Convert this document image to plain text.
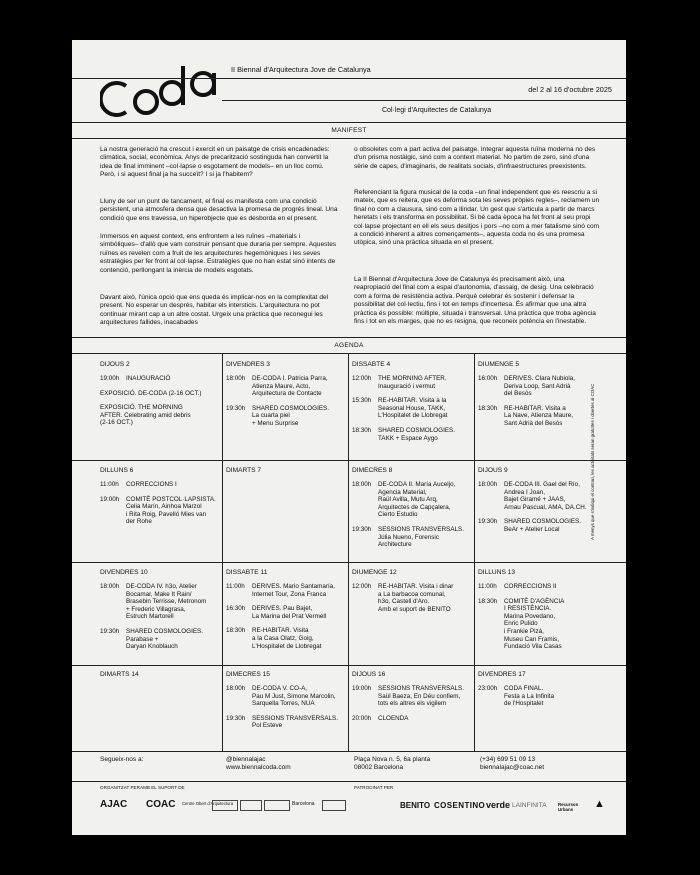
II Biennal d'Arquitectura Jove de Catalunya
del 2 al 16 d'octubre 2025
Col·legi d'Arquitectes de Catalunya
MANIFEST

La nostra generació ha crescut i exercit en un paisatge de crisis encadenades: climàtica, social, econòmica. Anys de precarització sostinguda han convertit la idea de final imminent –col·lapse o esgotament de models– en un lloc comú. Però, i si aquest final ja ha succeït? I si ja l'habitem?

Lluny de ser un punt de tancament, el final es manifesta com una condició persistent, una atmosfera densa que desactiva la promesa de progrés lineal. Una condició que ens travessa, un hiperobjecte que es desborda en el present.

Immersos en aquest context, ens enfrontem a les ruïnes –materials i simbòliques– d'allò que vam construir pensant que duraria per sempre. Aquestes ruïnes es revelen com a fruit de les arquitectures hegemòniques i les seves estratègies per fer front al col·lapse. Estratègies que no han estat sinó intents de contenció, perllongant la inèrcia de models esgotats.

Davant això, l'única opció que ens queda és implicar-nos en la complexitat del present. No esperar un després, habitar els intersticis. L'arquitectura no pot continuar mirant cap a un altre costat. Urgeix una pràctica que reconegui les arquitectures fallides, inacabades

o obsoletes com a part activa del paisatge. Integrar aquesta ruïna moderna no des d'un prisma nostàlgic, sinó com a context material. No partim de zero, sinó d'una sèrie de capes, d'imaginaris, de realitats socials, d'infraestructures preexistents.

Referenciant la figura musical de la coda –un final independent que es reescriu a si mateix, que es reitera, que es deforma sota les seves pròpies regles–, reclamem un final no com a clausura, sinó com a llindar. Un gest que s'articula a partir de marcs heretats i els transforma en possibilitat. Si bé cada època ha fet front al seu propi col·lapse projectant en ell els seus desitjos i pors –no com a mer fatalisme sinó com a condició inherent a altres començaments–, aquesta coda no és una promesa utòpica, sinó una pràctica situada en el present.

La II Biennal d'Arquitectura Jove de Catalunya és precisament això, una reapropiació del final com a espai d'autonomia, d'assaig, de desig. Una celebració com a forma de resistència activa. Perquè celebrar és sostenir i defensar la possibilitat del col·lectiu, fins i tot en temps d'incertesa. És afirmar que una altra pràctica és possible: múltiple, situada i transversal. Una pràctica que troba agència fins i tot en els marges, que no es resigna, que reconeix potència en l'inestable.

AGENDA
DIJOUS 2
19:00h INAUGURACIÓ
EXPOSICIÓ. DE-CODA (2-16 OCT.)
EXPOSICIÓ. THE MORNING
AFTER. Celebrating amid debris
(2-16 OCT.)
DIVENDRES 3
18:00h DE-CODA I. Patricia Parra,
Atienza Maure, Acto,
Arquitectura de Contacte
19:30h SHARED COSMOLOGIES.
La cuarta piel
+ Menu Surprise
DISSABTE 4
12:00h THE MORNING AFTER.
Inauguració i vermut
15:30h RE-HABITAR. Visita a la
Seasonal House, TAKK,
L'Hospitalet de Llobregat
18:30h SHARED COSMOLOGIES.
TAKK + Espace Aygo
DIUMENGE 5
16:00h DERIVES. Clara Nubiola,
Deriva Loop, Sant Adrià
del Besòs
18:30h RE-HABITAR. Visita a
La Nave, Atienza Maure,
Sant Adrià del Besòs
DILLUNS 6
11:00h CORRECCIONS I
19:00h COMITÈ POSTCOL·LAPSISTA.
Celia Marín, Ainhoa Marzol
i Rita Roig, Pavelló Mies van
der Rohe
DIMARTS 7	DIMECRES 8
18:00h DE-CODA II. María Auceljo,
Agencia Material,
Raül Avilla, Mutu Arq,
Arquitectes de Capçalera,
Cierto Estudio
19:30h SESSIONS TRANSVERSALS.
Júlia Nueno, Forensic
Architecture
DIJOUS 9
18:00h DE-CODA III. Gael del Río,
Andrea I Joan,
Bajet Giramé + JAAS,
Arnau Pascual, AMA, DA.CH.
19:30h SHARED COSMOLOGIES.
BeAr + Atelier Local
DIVENDRES 10
18:00h DE-CODA IV. h3o, Atelier
Bocamar, Make It Rain/
Brasebin Terrisse, Metronom
+ Frederic Villagrasa,
Estruch Martorell
19:30h SHARED COSMOLOGIES.
Parabase +
Daryan Knoblauch
DISSABTE 11
11:00h DERIVES. Mario Santamaría,
Internet Tour, Zona Franca
16:30h DERIVES. Pau Bajet,
La Marina del Prat Vermell
18:30h RE-HABITAR. Visita
a la Casa Olatz, Goig,
L'Hospitalet de Llobregat
DIUMENGE 12
12:00h RE-HABITAR. Visita i dinar
a La barbacoa comunal,
h3o, Castell d'Aro.
Amb el suport de BENITO
DILLUNS 13
11:00h CORRECCIONS II
18:30h COMITÈ D'AGÈNCIA
I RESISTÈNCIA.
Marina Povedano,
Enric Pulido
i Frankie Pizá,
Museu Can Framis,
Fundació Vila Casas
DIMARTS 14	DIMECRES 15
18:00h DE-CODA V. CO-A,
Pau M Just, Simone Marcolin,
Sarquella Torres, NUA
19:30h SESSIONS TRANSVERSALS.
Pol Esteve
DIJOUS 16
19:00h SESSIONS TRANSVERSALS.
Saül Baeza, En Déu confiem,
tots els altres els vigilem
20:00h CLOENDA
DIVENDRES 17
23:00h CODA FINAL.
Festa a La Infinita
de l'Hospitalet
Segueix-nos a:	@biennalajac
www.biennalcoda.com
Plaça Nova n. 5, 6a planta
08002 Barcelona
(+34) 699 51 09 13
biennalajac@coac.net
ORGANITZAT PER AMB EL SUPORT DE	PATROCINAT PER
AJAC COAC Centre Obert d'Arquitectura	Barcelona	BENITO COSENTINO verde LAINFINITA	Recursos Urbans	▲
A menys que s'indiqui el contrari, les activitats seran gratuïtes i obertes al COAC
